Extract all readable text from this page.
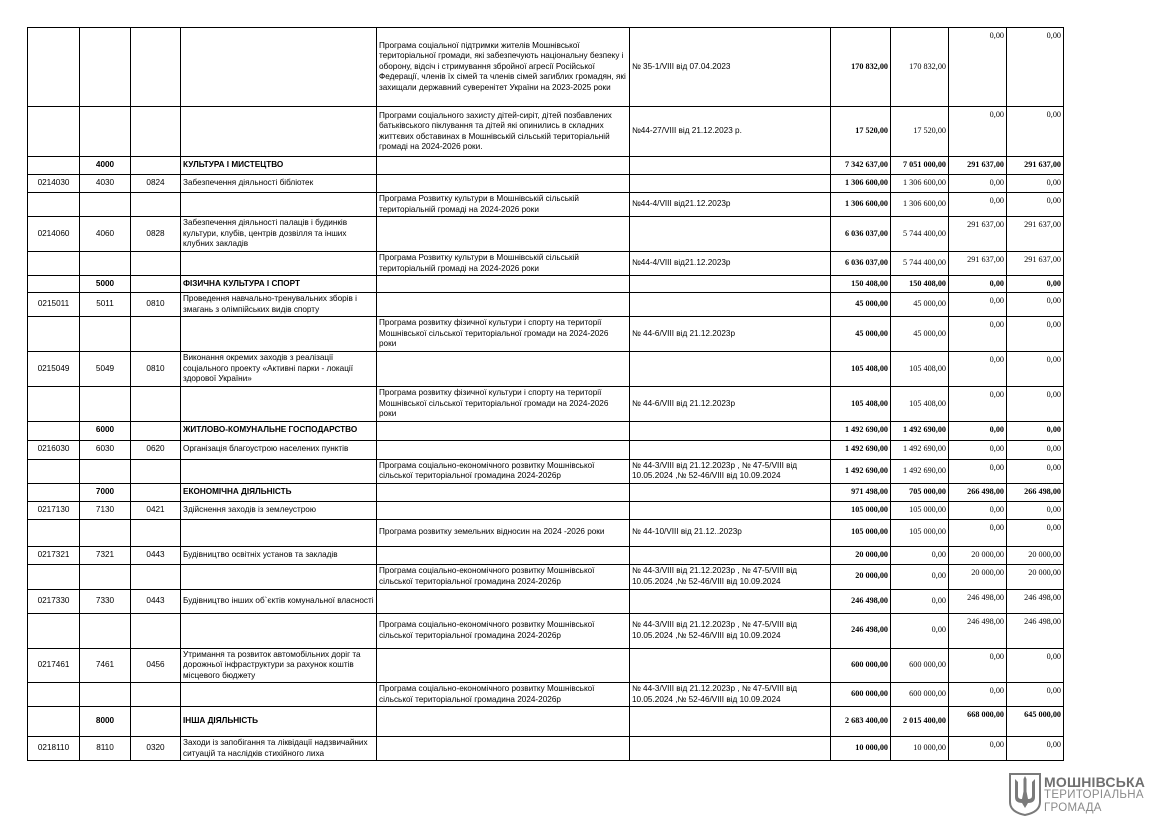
				Програма соціальної підтримки жителів Мошнівської територіальної громади, які забезпечують національну безпеку і оборону, відсіч і стримування збройної агресії Російської Федерації, членів їх сімей та членів сімей загиблих громадян, які захищали державний суверенітет України на 2023-2025 роки	№ 35-1/VIII від 07.04.2023	170 832,00	170 832,00	0,00	0,00
				Програми соціального захисту дітей-сиріт, дітей позбавлених батьківського піклування та дітей які опинились в складних життєвих обставинах в Мошнівській сільській територіальній громаді на 2024-2026 роки.	№44-27/VIII від 21.12.2023 р.	17 520,00	17 520,00	0,00	0,00
	4000		КУЛЬТУРА І МИСТЕЦТВО			7 342 637,00	7 051 000,00	291 637,00	291 637,00
0214030	4030	0824	Забезпечення діяльності бібліотек			1 306 600,00	1 306 600,00	0,00	0,00
				Програма Розвитку культури в Мошнівській сільській територіальній громаді на 2024-2026 роки	№44-4/VIII від21.12.2023р	1 306 600,00	1 306 600,00	0,00	0,00
0214060	4060	0828	Забезпечення діяльності палаців і будинків культури, клубів, центрів дозвілля та iнших клубних закладів			6 036 037,00	5 744 400,00	291 637,00	291 637,00
				Програма Розвитку культури в Мошнівській сільській територіальній громаді на 2024-2026 роки	№44-4/VIII від21.12.2023р	6 036 037,00	5 744 400,00	291 637,00	291 637,00
	5000		ФІЗИЧНА КУЛЬТУРА І СПОРТ			150 408,00	150 408,00	0,00	0,00
0215011	5011	0810	Проведення навчально-тренувальних зборів і змагань з олімпійських видів спорту			45 000,00	45 000,00	0,00	0,00
				Програма розвитку фізичної культури і спорту на території Мошнівської сільської територіальної громади на 2024-2026 роки	№ 44-6/VIII від 21.12.2023р	45 000,00	45 000,00	0,00	0,00
0215049	5049	0810	Виконання окремих заходів з реалізації соціального проекту «Активні парки - локації здорової України»			105 408,00	105 408,00	0,00	0,00
				Програма розвитку фізичної культури і спорту на території Мошнівської сільської територіальної громади на 2024-2026 роки	№ 44-6/VIII від 21.12.2023р	105 408,00	105 408,00	0,00	0,00
	6000		ЖИТЛОВО-КОМУНАЛЬНЕ ГОСПОДАРСТВО			1 492 690,00	1 492 690,00	0,00	0,00
0216030	6030	0620	Організація благоустрою населених пунктів			1 492 690,00	1 492 690,00	0,00	0,00
				Програма соціально-економічного розвитку Мошнівської сільської територіальної громадина 2024-2026р	№ 44-3/VIII від 21.12.2023р , № 47-5/VIII від 10.05.2024 ,№ 52-46/VIII від 10.09.2024	1 492 690,00	1 492 690,00	0,00	0,00
	7000		ЕКОНОМІЧНА ДІЯЛЬНІСТЬ			971 498,00	705 000,00	266 498,00	266 498,00
0217130	7130	0421	Здійснення заходів із землеустрою			105 000,00	105 000,00	0,00	0,00
				Програма розвитку земельних відносин на 2024 -2026 роки	№ 44-10/VIII від 21.12..2023р	105 000,00	105 000,00	0,00	0,00
0217321	7321	0443	Будівництво освітніх установ та закладів			20 000,00	0,00	20 000,00	20 000,00
				Програма соціально-економічного розвитку Мошнівської сільської територіальної громадина 2024-2026р	№ 44-3/VIII від 21.12.2023р , № 47-5/VIII від 10.05.2024 ,№ 52-46/VIII від 10.09.2024	20 000,00	0,00	20 000,00	20 000,00
0217330	7330	0443	Будівництво інших об`єктів комунальної власності			246 498,00	0,00	246 498,00	246 498,00
				Програма соціально-економічного розвитку Мошнівської сільської територіальної громадина 2024-2026р	№ 44-3/VIII від 21.12.2023р , № 47-5/VIII від 10.05.2024 ,№ 52-46/VIII від 10.09.2024	246 498,00	0,00	246 498,00	246 498,00
0217461	7461	0456	Утримання та розвиток автомобільних доріг та дорожньої інфраструктури за рахунок коштів місцевого бюджету			600 000,00	600 000,00	0,00	0,00
				Програма соціально-економічного розвитку Мошнівської сільської територіальної громадина 2024-2026р	№ 44-3/VIII від 21.12.2023р , № 47-5/VIII від 10.05.2024 ,№ 52-46/VIII від 10.09.2024	600 000,00	600 000,00	0,00	0,00
	8000		ІНША ДІЯЛЬНІСТЬ			2 683 400,00	2 015 400,00	668 000,00	645 000,00
0218110	8110	0320	Заходи із запобігання та ліквідації надзвичайних ситуацій та наслідків стихійного лиха			10 000,00	10 000,00	0,00	0,00
МОШНІВСЬКА
ТЕРИТОРІАЛЬНА
ГРОМАДА
